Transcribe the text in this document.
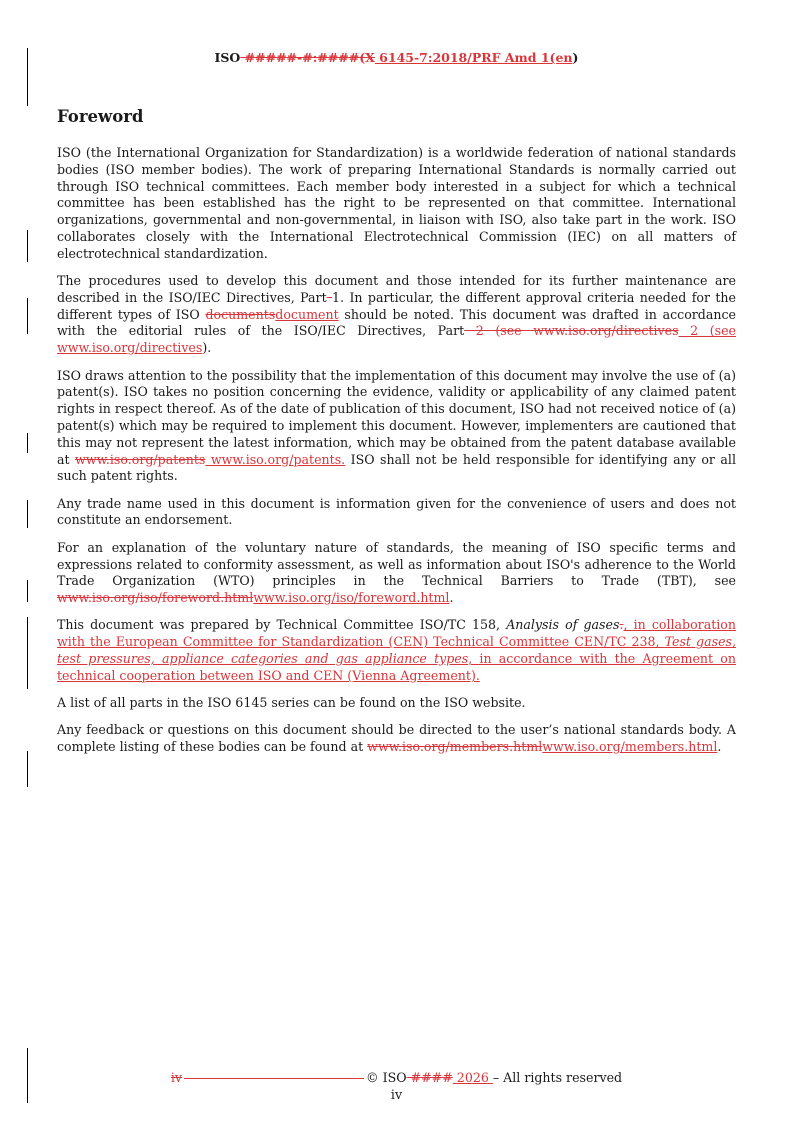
ISO #####-#:####(X 6145-7:2018/PRF Amd 1(en)
Foreword

ISO (the International Organization for Standardization) is a worldwide federation of national standards bodies (ISO member bodies). The work of preparing International Standards is normally carried out through ISO technical committees. Each member body interested in a subject for which a technical committee has been established has the right to be represented on that committee. International organizations, governmental and non-governmental, in liaison with ISO, also take part in the work. ISO collaborates closely with the International Electrotechnical Commission (IEC) on all matters of electrotechnical standardization.

The procedures used to develop this document and those intended for its further maintenance are described in the ISO/IEC Directives, Part 1. In particular, the different approval criteria needed for the different types of ISO documentsdocument should be noted. This document was drafted in accordance with the editorial rules of the ISO/IEC Directives, Part 2 (see www.iso.org/directives 2 (see www.iso.org/directives).

ISO draws attention to the possibility that the implementation of this document may involve the use of (a) patent(s). ISO takes no position concerning the evidence, validity or applicability of any claimed patent rights in respect thereof. As of the date of publication of this document, ISO had not received notice of (a) patent(s) which may be required to implement this document. However, implementers are cautioned that this may not represent the latest information, which may be obtained from the patent database available at www.iso.org/patents www.iso.org/patents. ISO shall not be held responsible for identifying any or all such patent rights.

Any trade name used in this document is information given for the convenience of users and does not constitute an endorsement.

For an explanation of the voluntary nature of standards, the meaning of ISO specific terms and expressions related to conformity assessment, as well as information about ISO's adherence to the World Trade Organization (WTO) principles in the Technical Barriers to Trade (TBT), see www.iso.org/iso/foreword.htmlwww.iso.org/iso/foreword.html.

This document was prepared by Technical Committee ISO/TC 158, Analysis of gases., in collaboration with the European Committee for Standardization (CEN) Technical Committee CEN/TC 238, Test gases, test pressures, appliance categories and gas appliance types, in accordance with the Agreement on technical cooperation between ISO and CEN (Vienna Agreement).

A list of all parts in the ISO 6145 series can be found on the ISO website.

Any feedback or questions on this document should be directed to the user’s national standards body. A complete listing of these bodies can be found at www.iso.org/members.htmlwww.iso.org/members.html.

iv	© ISO #### 2026 – All rights reserved
iv
